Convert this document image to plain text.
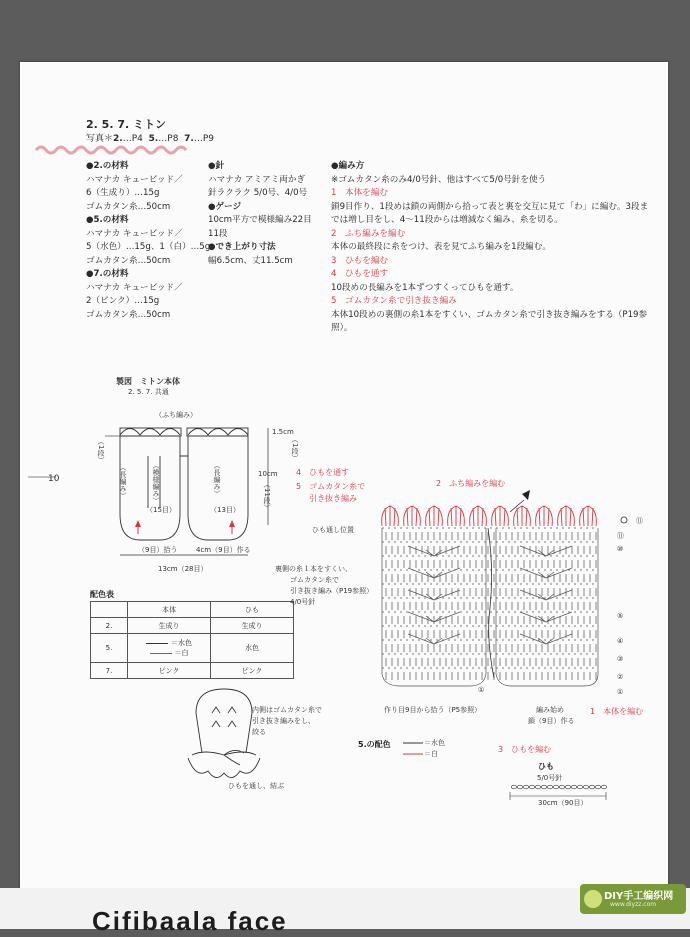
Cifibaala face
10
2. 5. 7. ミトン
写真＊2.…P4 5.…P8 7.…P9
●2.の材料
ハマナカ キュービッド／
6（生成り）…15g
ゴムカタン糸…50cm
●5.の材料
ハマナカ キュービッド／
5（水色）…15g、1（白）…5g
ゴムカタン糸…50cm
●7.の材料
ハマナカ キュービッド／
2（ピンク）…15g
ゴムカタン糸…50cm
●針
ハマナカ アミアミ両かぎ
針ラクラク 5/0号、4/0号
●ゲージ
10cm平方で模様編み22目
11段
●でき上がり寸法
幅6.5cm、丈11.5cm
●編み方
※ゴムカタン糸のみ4/0号針、他はすべて5/0号針を使う
1　本体を編む
鎖9目作り、1段めは鎖の両側から拾って表と裏を交互に見て「わ」に編む。3段ま
では増し目をし、4～11段からは増減なく編み、糸を切る。
2　ふち編みを編む
本体の最終段に糸をつけ、表を見てふち編みを1段編む。
3　ひもを編む
4　ひもを通す
10段めの長編みを1本ずつすくってひもを通す。
5　ゴムカタン糸で引き抜き編み
本体10段めの裏側の糸1本をすくい、ゴムカタン糸で引き抜き編みをする（P19参
照）。
製図　ミトン本体
2. 5. 7. 共通
（ふち編み）
（長編み）	（模様編み）	（長編み）
（15目）	（13目）
（9目）拾う	4cm（9目）作る
13cm（28目）
1.5cm
（1段）
10cm
（11段）
（1段）
配色表
	本体	ひも
2.	生成り	生成り
5.	＝水色
＝白	水色
7.	ピンク	ピンク
内側はゴムカタン糸で
引き抜き編みをし、
絞る
ひもを通し、結ぶ
4　ひもを通す
5　ゴムカタン糸で
引き抜き編み
2　ふち編みを編む
ひも通し位置
裏側の糸１本をすくい、
ゴムカタン糸で
引き抜き編み（P19参照）
4/0号針
⑪
⑪
⑩
⑤
④
③
②
①
①
作り目9目から拾う（P5参照）	編み始め
鎖（9目）作る
1　本体を編む
5.の配色	＝水色
＝白	3　ひもを編む
ひも
5/0号針
30cm（90目）
DIY手工编织网
www.diyzz.com
